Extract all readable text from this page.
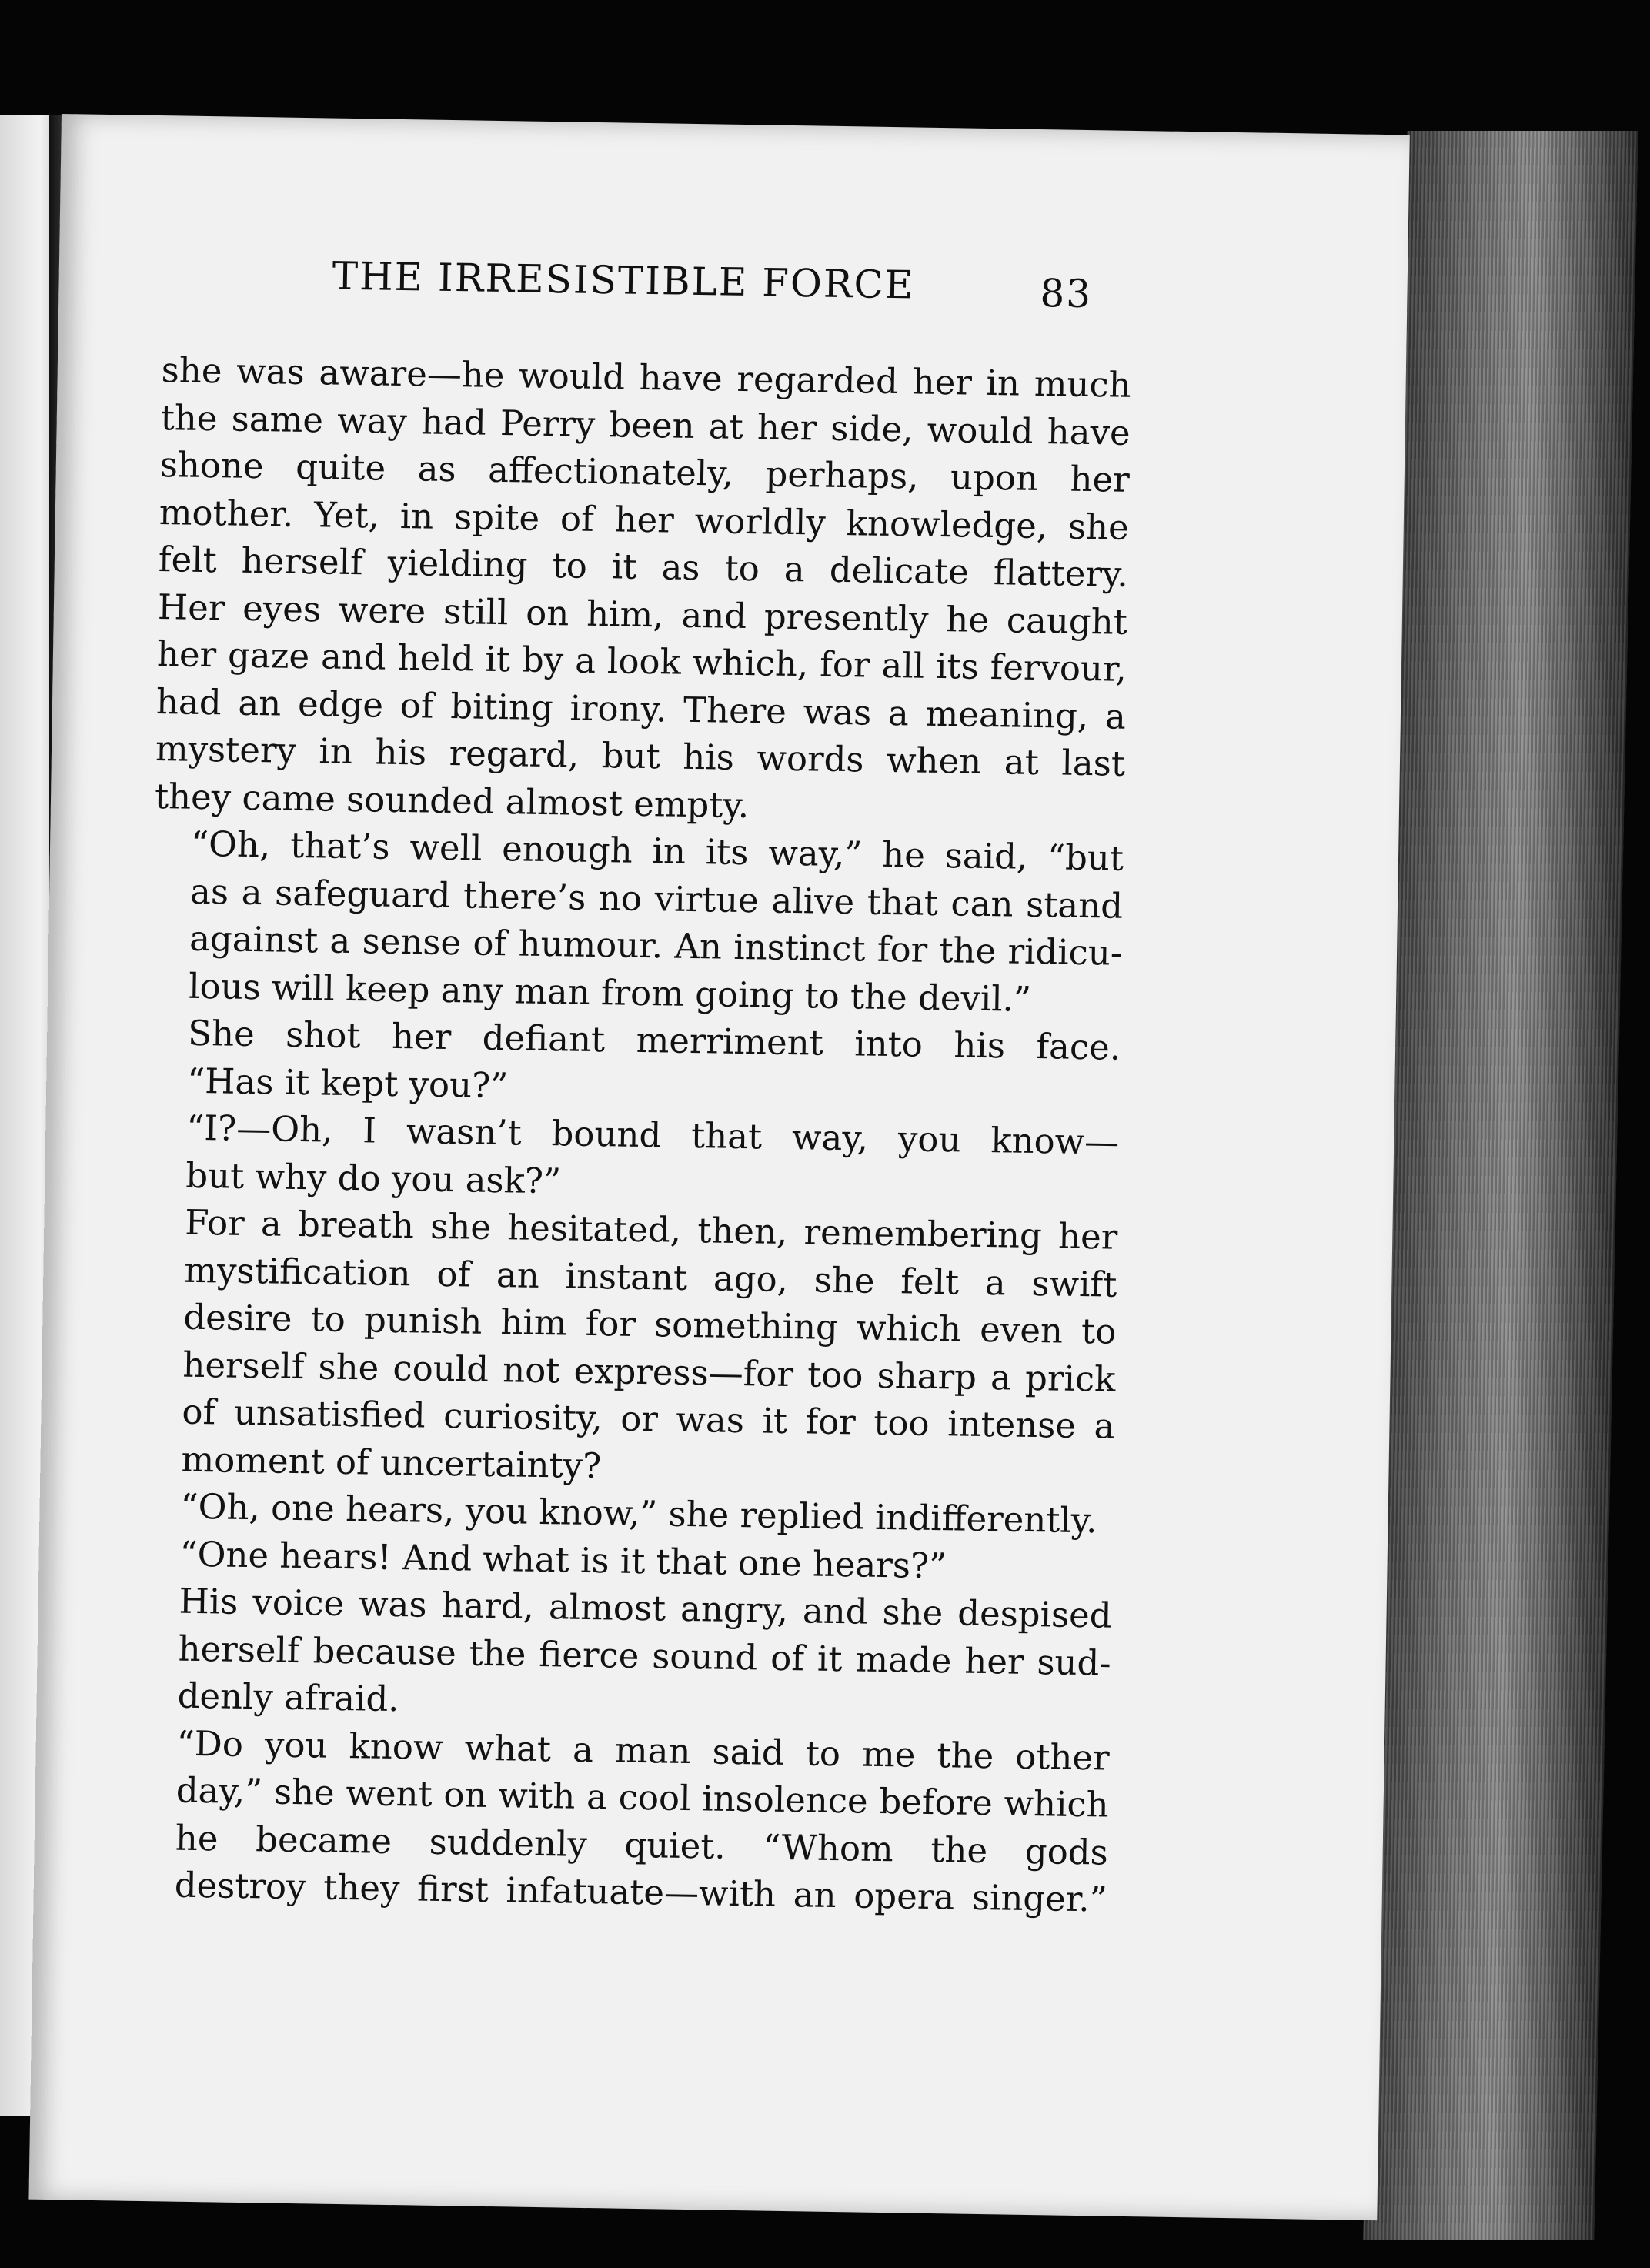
THE IRRESISTIBLE FORCE	83

she was aware—he would have regarded her in much
the same way had Perry been at her side, would have
shone quite as affectionately, perhaps, upon her
mother. Yet, in spite of her worldly knowledge, she
felt herself yielding to it as to a delicate flattery.
Her eyes were still on him, and presently he caught
her gaze and held it by a look which, for all its fervour,
had an edge of biting irony. There was a meaning, a
mystery in his regard, but his words when at last
they came sounded almost empty.

“Oh, that’s well enough in its way,” he said, “but
as a safeguard there’s no virtue alive that can stand
against a sense of humour. An instinct for the ridicu-
lous will keep any man from going to the devil.”

She shot her defiant merriment into his face.
“Has it kept you?”

“I?—Oh, I wasn’t bound that way, you know—
but why do you ask?”

For a breath she hesitated, then, remembering her
mystification of an instant ago, she felt a swift
desire to punish him for something which even to
herself she could not express—for too sharp a prick
of unsatisfied curiosity, or was it for too intense a
moment of uncertainty?

“Oh, one hears, you know,” she replied indifferently.

“One hears! And what is it that one hears?”

His voice was hard, almost angry, and she despised
herself because the fierce sound of it made her sud-
denly afraid.

“Do you know what a man said to me the other
day,” she went on with a cool insolence before which
he became suddenly quiet. “Whom the gods
destroy they first infatuate—with an opera singer.”
